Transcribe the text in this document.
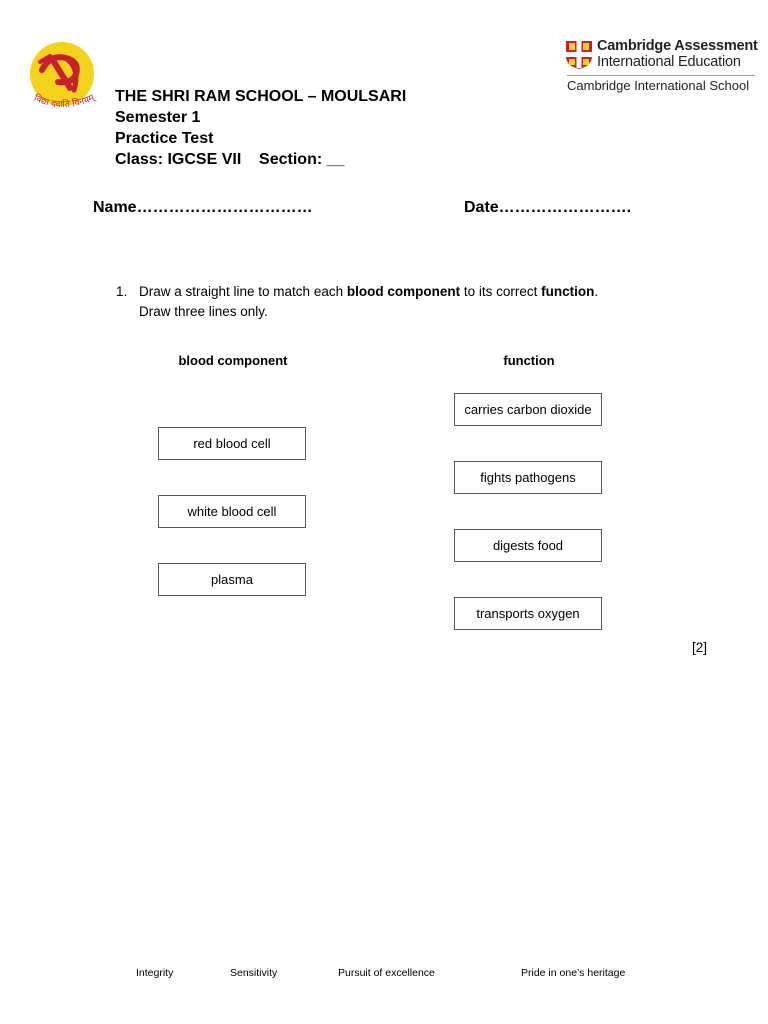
विद्या ददाति विनयम्
Cambridge Assessment
International Education
Cambridge International School
THE SHRI RAM SCHOOL – MOULSARI
Semester 1
Practice Test
Class: IGCSE VII    Section: __
Name……………………………	Date…………………….
1. Draw a straight line to match each blood component to its correct function.
Draw three lines only.
blood component	function
red blood cell
white blood cell
plasma
carries carbon dioxide
fights pathogens
digests food
transports oxygen
[2]
Integrity	Sensitivity	Pursuit of excellence	Pride in one’s heritage
